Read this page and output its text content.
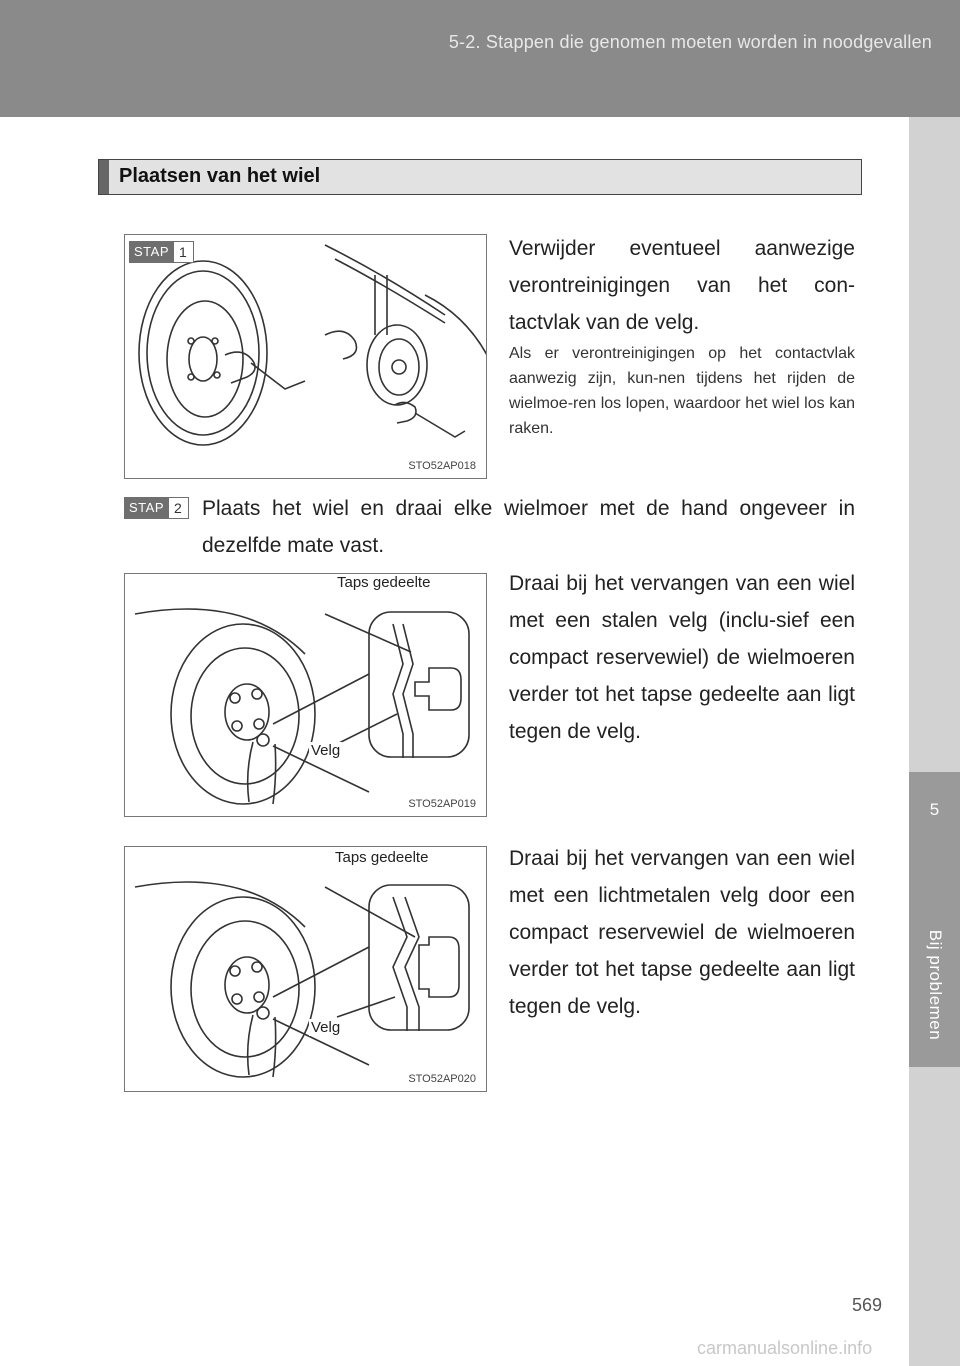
5-2. Stappen die genomen moeten worden in noodgevallen
5
Bij problemen
Plaatsen van het wiel
STAP 1
STO52AP018
Verwijder eventueel aanwezige verontreinigingen van het con-tactvlak van de velg.
Als er verontreinigingen op het contactvlak aanwezig zijn, kun-nen tijdens het rijden de wielmoe-ren los lopen, waardoor het wiel los kan raken.
STAP 2 Plaats het wiel en draai elke wielmoer met de hand ongeveer in dezelfde mate vast.
Taps gedeelte
Velg
STO52AP019
Draai bij het vervangen van een wiel met een stalen velg (inclu-sief een compact reservewiel) de wielmoeren verder tot het tapse gedeelte aan ligt tegen de velg.
Taps gedeelte
Velg
STO52AP020
Draai bij het vervangen van een wiel met een lichtmetalen velg door een compact reservewiel de wielmoeren verder tot het tapse gedeelte aan ligt tegen de velg.
569
carmanualsonline.info
